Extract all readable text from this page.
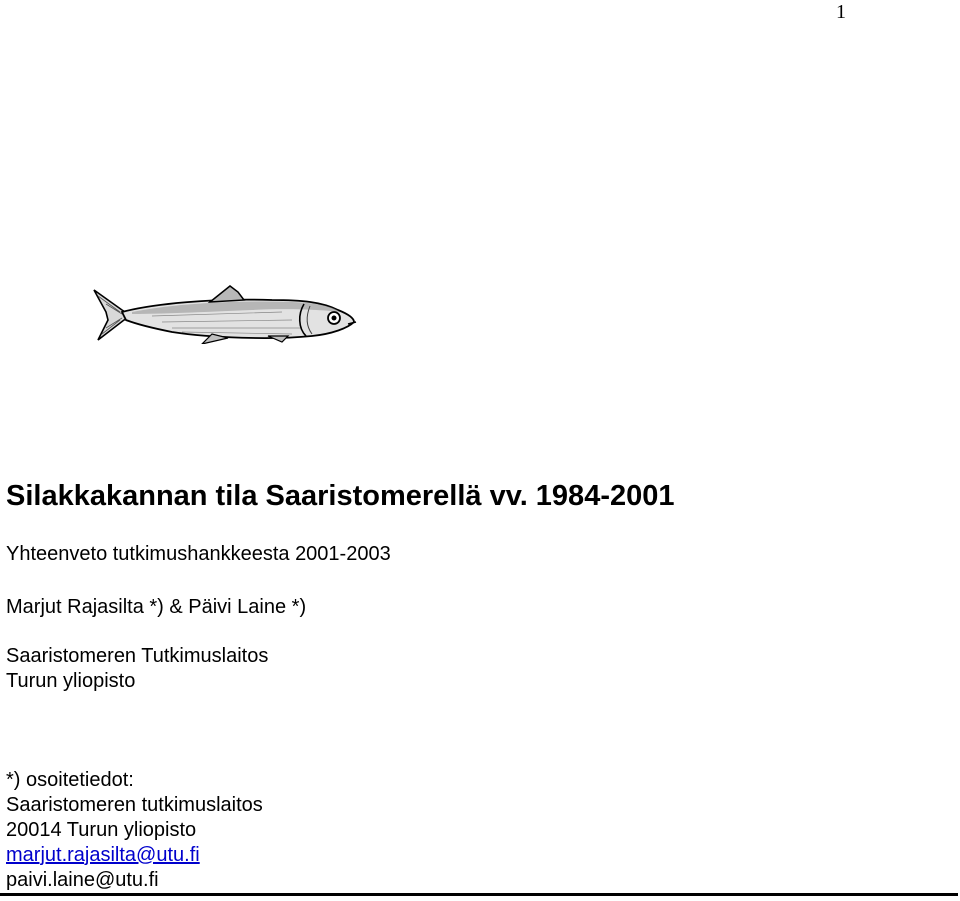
1
Silakkakannan tila Saaristomerellä vv. 1984-2001
Yhteenveto tutkimushankkeesta 2001-2003
Marjut Rajasilta *) & Päivi Laine *)
Saaristomeren Tutkimuslaitos
Turun yliopisto
*) osoitetiedot:
Saaristomeren tutkimuslaitos
20014 Turun yliopisto
marjut.rajasilta@utu.fi
paivi.laine@utu.fi
